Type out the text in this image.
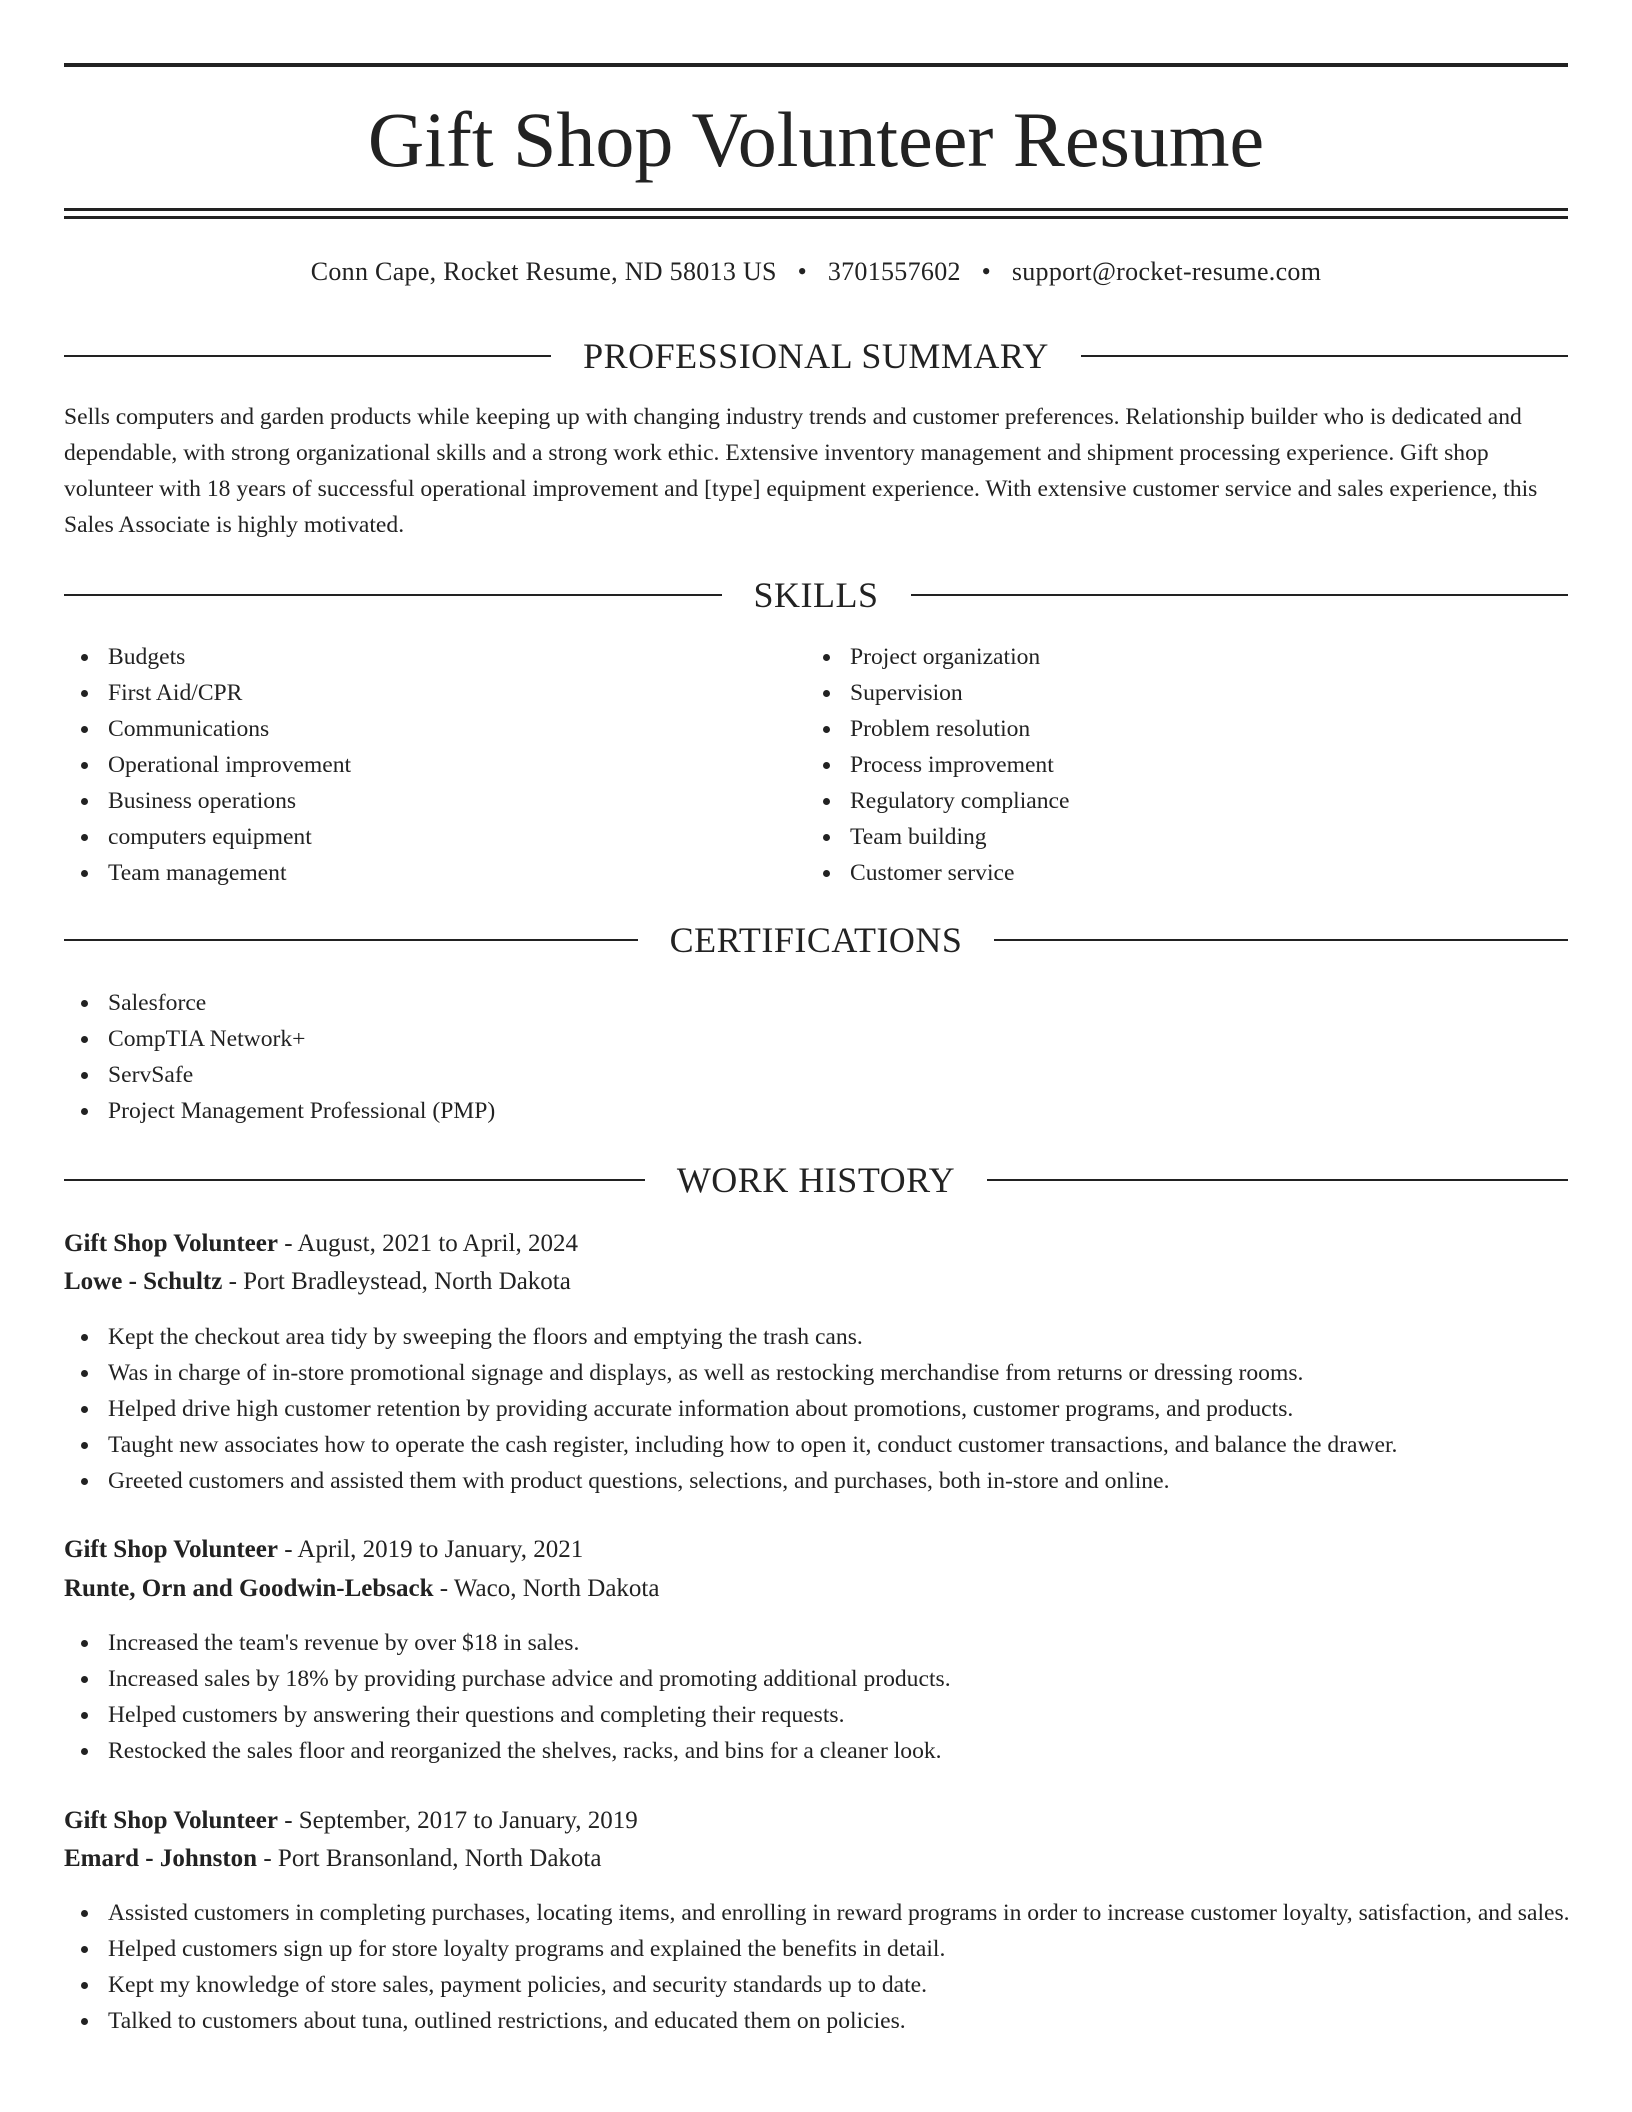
Gift Shop Volunteer Resume
Conn Cape, Rocket Resume, ND 58013 US • 3701557602 • support@rocket-resume.com
PROFESSIONAL SUMMARY

Sells computers and garden products while keeping up with changing industry trends and customer preferences. Relationship builder who is dedicated and dependable, with strong organizational skills and a strong work ethic. Extensive inventory management and shipment processing experience. Gift shop volunteer with 18 years of successful operational improvement and [type] equipment experience. With extensive customer service and sales experience, this Sales Associate is highly motivated.

SKILLS
Budgets
First Aid/CPR
Communications
Operational improvement
Business operations
computers equipment
Team management
Project organization
Supervision
Problem resolution
Process improvement
Regulatory compliance
Team building
Customer service
CERTIFICATIONS
Salesforce
CompTIA Network+
ServSafe
Project Management Professional (PMP)
WORK HISTORY
Gift Shop Volunteer - August, 2021 to April, 2024
Lowe - Schultz - Port Bradleystead, North Dakota
Kept the checkout area tidy by sweeping the floors and emptying the trash cans.
Was in charge of in-store promotional signage and displays, as well as restocking merchandise from returns or dressing rooms.
Helped drive high customer retention by providing accurate information about promotions, customer programs, and products.
Taught new associates how to operate the cash register, including how to open it, conduct customer transactions, and balance the drawer.
Greeted customers and assisted them with product questions, selections, and purchases, both in-store and online.
Gift Shop Volunteer - April, 2019 to January, 2021
Runte, Orn and Goodwin-Lebsack - Waco, North Dakota
Increased the team's revenue by over $18 in sales.
Increased sales by 18% by providing purchase advice and promoting additional products.
Helped customers by answering their questions and completing their requests.
Restocked the sales floor and reorganized the shelves, racks, and bins for a cleaner look.
Gift Shop Volunteer - September, 2017 to January, 2019
Emard - Johnston - Port Bransonland, North Dakota
Assisted customers in completing purchases, locating items, and enrolling in reward programs in order to increase customer loyalty, satisfaction, and sales.
Helped customers sign up for store loyalty programs and explained the benefits in detail.
Kept my knowledge of store sales, payment policies, and security standards up to date.
Talked to customers about tuna, outlined restrictions, and educated them on policies.
